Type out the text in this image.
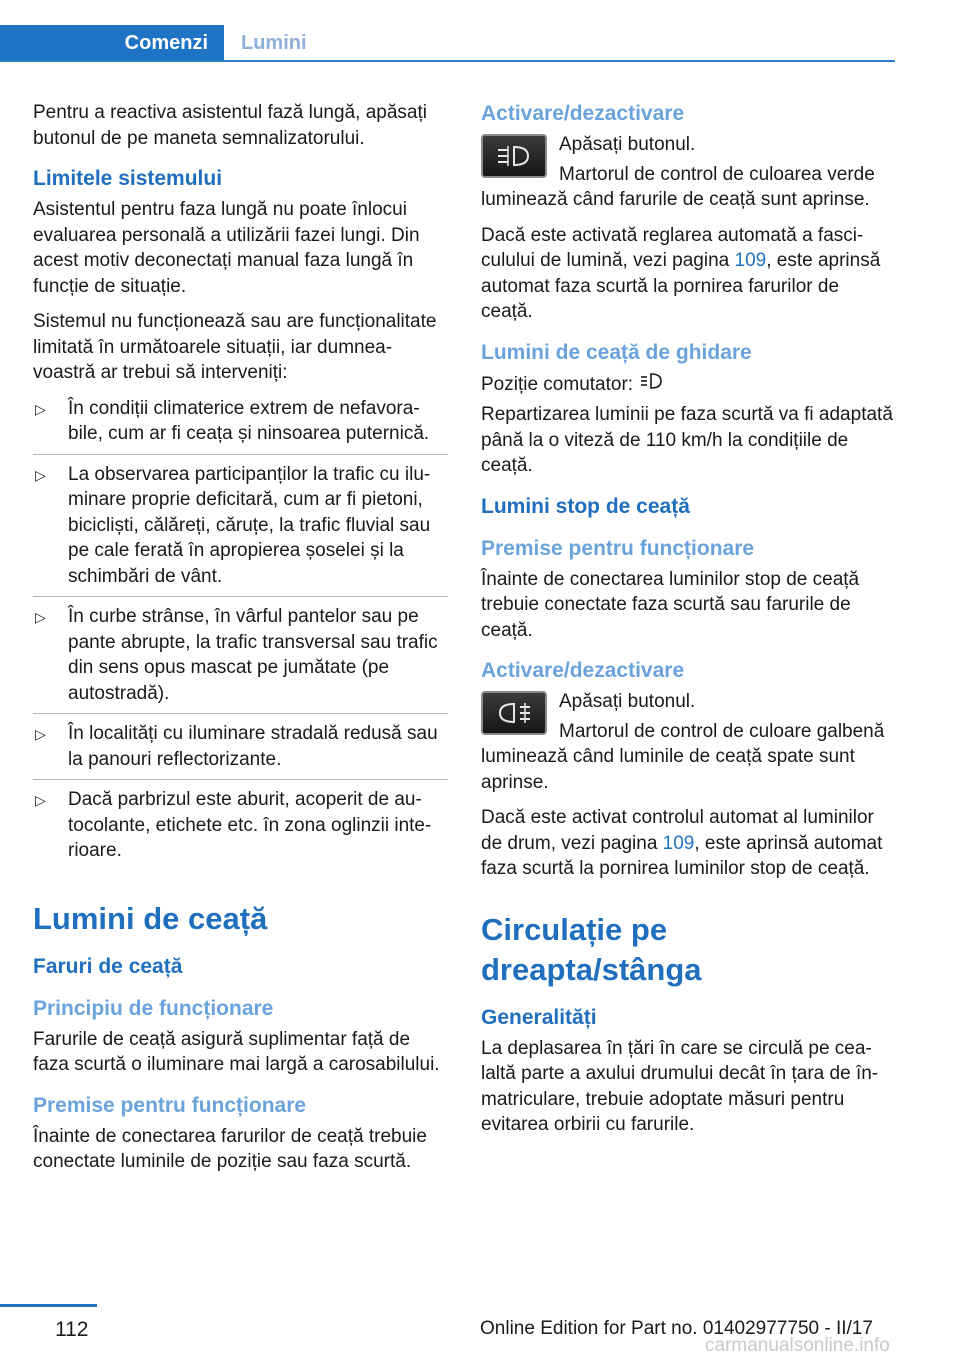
Comenzi Lumini

Pentru a reactiva asistentul fază lungă, apăsați butonul de pe maneta semnalizatorului.

Limitele sistemului

Asistentul pentru faza lungă nu poate înlocui evaluarea personală a utilizării fazei lungi. Din acest motiv deconectați manual faza lungă în funcție de situație.

Sistemul nu funcționează sau are funcționalitate limitată în următoarele situații, iar dumneavoastră ar trebui să interveniți:

▷ În condiții climaterice extrem de nefavorabile, cum ar fi ceața și ninsoarea puternică.
▷ La observarea participanților la trafic cu iluminare proprie deficitară, cum ar fi pietoni, bicicliști, călăreți, căruțe, la trafic fluvial sau pe cale ferată în apropierea șoselei și la schimbări de vânt.
▷ În curbe strânse, în vârful pantelor sau pe pante abrupte, la trafic transversal sau trafic din sens opus mascat pe jumătate (pe autostradă).
▷ În localități cu iluminare stradală redusă sau la panouri reflectorizante.
▷ Dacă parbrizul este aburit, acoperit de autocolante, etichete etc. în zona oglinzii interioare.
Lumini de ceață
Faruri de ceață
Principiu de funcționare

Farurile de ceață asigură suplimentar față de faza scurtă o iluminare mai largă a carosabilului.

Premise pentru funcționare

Înainte de conectarea farurilor de ceață trebuie conectate luminile de poziție sau faza scurtă.

Activare/dezactivare

Apăsați butonul.

Martorul de control de culoarea verde luminează când farurile de ceață sunt aprinse.

Dacă este activată reglarea automată a fasciculului de lumină, vezi pagina 109, este aprinsă automat faza scurtă la pornirea farurilor de ceață.

Lumini de ceață de ghidare

Poziție comutator:

Repartizarea luminii pe faza scurtă va fi adaptată până la o viteză de 110 km/h la condițiile de ceață.

Lumini stop de ceață
Premise pentru funcționare

Înainte de conectarea luminilor stop de ceață trebuie conectate faza scurtă sau farurile de ceață.

Activare/dezactivare

Apăsați butonul.

Martorul de control de culoare galbenă luminează când luminile de ceață spate sunt aprinse.

Dacă este activat controlul automat al luminilor de drum, vezi pagina 109, este aprinsă automat faza scurtă la pornirea luminilor stop de ceață.

Circulație pe dreapta/stânga
Generalități

La deplasarea în țări în care se circulă pe cealaltă parte a axului drumului decât în țara de înmatriculare, trebuie adoptate măsuri pentru evitarea orbirii cu farurile.

112	Online Edition for Part no. 01402977750 - II/17
carmanualsonline.info
